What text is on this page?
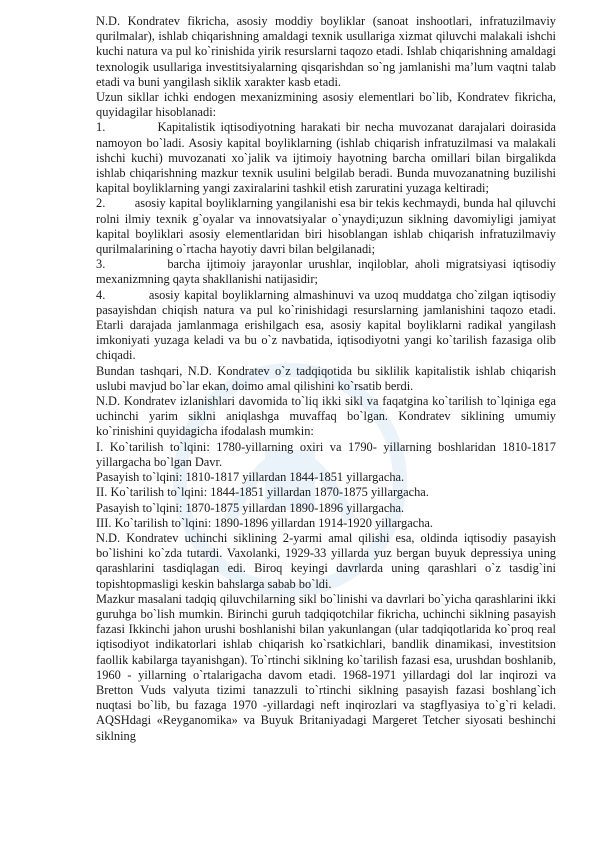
N.D. Kondratev fikricha, asosiy moddiy boyliklar (sanoat inshootlari, infratuzilmaviy qurilmalar), ishlab chiqarishning amaldagi texnik usullariga xizmat qiluvchi malakali ishchi kuchi natura va pul ko`rinishida yirik resurslarni taqozo etadi. Ishlab chiqarishning amaldagi texnologik usullariga investitsiyalarning qisqarishdan so`ng jamlanishi ma’lum vaqtni talab etadi va buni yangilash siklik xarakter kasb etadi.

Uzun sikllar ichki endogen mexanizmining asosiy elementlari bo`lib, Kondratev fikricha, quyidagilar hisoblanadi:

1.          Kapitalistik iqtisodiyotning harakati bir necha muvozanat darajalari doirasida namoyon bo`ladi. Asosiy kapital boyliklarning (ishlab chiqarish infratuzilmasi va malakali ishchi kuchi) muvozanati xo`jalik va ijtimoiy hayotning barcha omillari bilan birgalikda ishlab chiqarishning mazkur texnik usulini belgilab beradi. Bunda muvozanatning buzilishi kapital boyliklarning yangi zaxiralarini tashkil etish zaruratini yuzaga keltiradi;

2.         asosiy kapital boyliklarning yangilanishi esa bir tekis kechmaydi, bunda hal qiluvchi rolni ilmiy texnik g`oyalar va innovatsiyalar o`ynaydi;uzun siklning davomiyligi jamiyat kapital boyliklari asosiy elementlaridan biri hisoblangan ishlab chiqarish infratuzilmaviy qurilmalarining o`rtacha hayotiy davri bilan belgilanadi;

3.          barcha ijtimoiy jarayonlar urushlar, inqiloblar, aholi migratsiyasi iqtisodiy mexanizmning qayta shakllanishi natijasidir;

4.          asosiy kapital boyliklarning almashinuvi va uzoq muddatga cho`zilgan iqtisodiy pasayishdan chiqish natura va pul ko`rinishidagi resurslarning jamlanishini taqozo etadi. Etarli darajada jamlanmaga erishilgach esa, asosiy kapital boyliklarni radikal yangilash imkoniyati yuzaga keladi va bu o`z navbatida, iqtisodiyotni yangi ko`tarilish fazasiga olib chiqadi.

Bundan tashqari, N.D. Kondratev o`z tadqiqotida bu siklilik kapitalistik ishlab chiqarish uslubi mavjud bo`lar ekan, doimo amal qilishini ko`rsatib berdi.

N.D. Kondratev izlanishlari davomida to`liq ikki sikl va faqatgina ko`tarilish to`lqiniga ega uchinchi yarim siklni aniqlashga muvaffaq bo`lgan. Kondratev siklining umumiy ko`rinishini quyidagicha ifodalash mumkin:

I. Ko`tarilish to`lqini: 1780-yillarning oxiri va 1790- yillarning boshlaridan 1810-1817 yillargacha bo`lgan Davr.

Pasayish to`lqini: 1810-1817 yillardan 1844-1851 yillargacha.

II. Ko`tarilish to`lqini: 1844-1851 yillardan 1870-1875 yillargacha.

Pasayish to`lqini: 1870-1875 yillardan 1890-1896 yillargacha.

III. Ko`tarilish to`lqini: 1890-1896 yillardan 1914-1920 yillargacha.

N.D. Kondratev uchinchi siklining 2-yarmi amal qilishi esa, oldinda iqtisodiy pasayish bo`lishini ko`zda tutardi. Vaxolanki, 1929-33 yillarda yuz bergan buyuk depressiya uning qarashlarini tasdiqlagan edi. Biroq keyingi davrlarda uning qarashlari o`z tasdig`ini topishtopmasligi keskin bahslarga sabab bo`ldi.

Mazkur masalani tadqiq qiluvchilarning sikl bo`linishi va davrlari bo`yicha qarashlarini ikki guruhga bo`lish mumkin. Birinchi guruh tadqiqotchilar fikricha, uchinchi siklning pasayish fazasi Ikkinchi jahon urushi boshlanishi bilan yakunlangan (ular tadqiqotlarida ko`proq real iqtisodiyot indikatorlari ishlab chiqarish ko`rsatkichlari, bandlik dinamikasi, investitsion faollik kabilarga tayanishgan). To`rtinchi siklning ko`tarilish fazasi esa, urushdan boshlanib, 1960 - yillarning o`rtalarigacha davom etadi. 1968-1971 yillardagi dol lar inqirozi va Bretton Vuds valyuta tizimi tanazzuli to`rtinchi siklning pasayish fazasi boshlang`ich nuqtasi bo`lib, bu fazaga 1970 -yillardagi neft inqirozlari va stagflyasiya to`g`ri keladi. AQSHdagi «Reyganomika» va Buyuk Britaniyadagi Margeret Tetcher siyosati beshinchi siklning
